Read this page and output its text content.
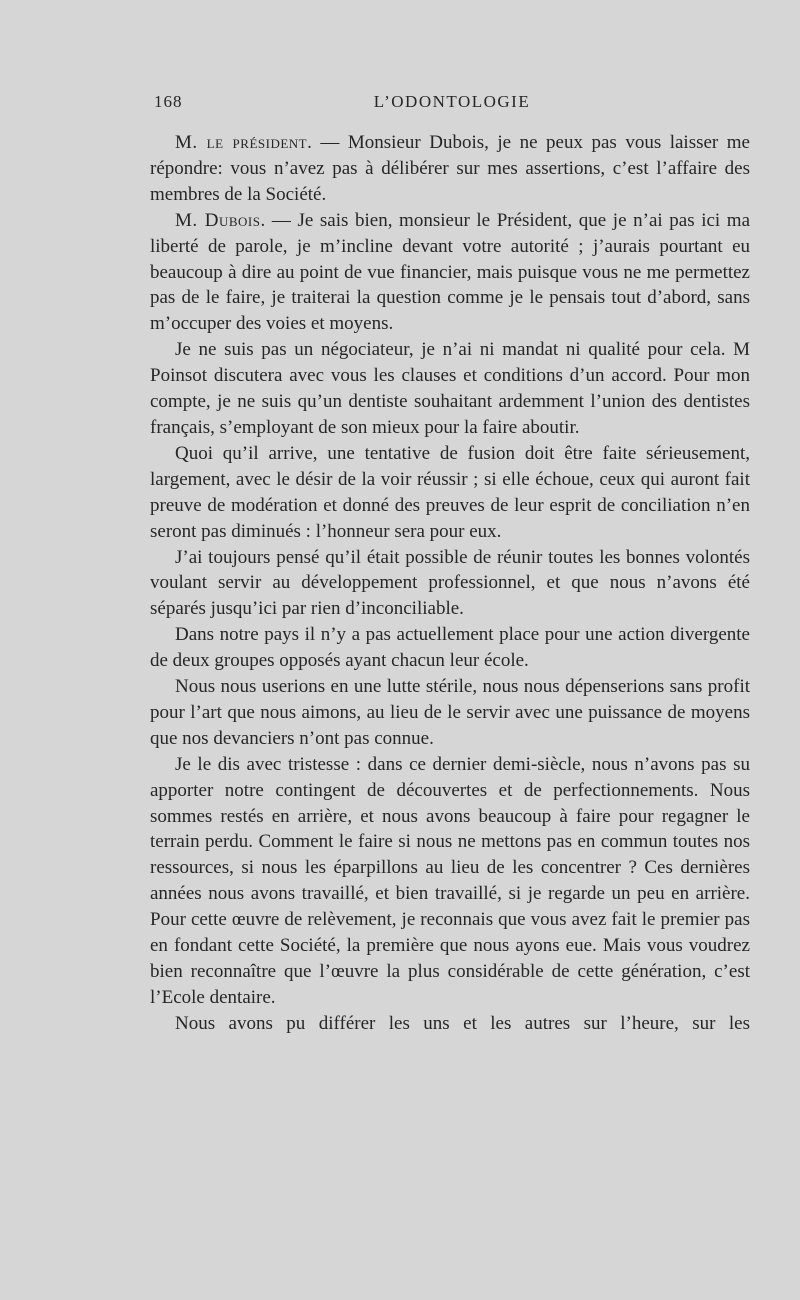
168	L’ODONTOLOGIE

M. le président. — Monsieur Dubois, je ne peux pas vous laisser me répondre: vous n’avez pas à délibérer sur mes assertions, c’est l’affaire des membres de la Société.

M. Dubois. — Je sais bien, monsieur le Président, que je n’ai pas ici ma liberté de parole, je m’incline devant votre autorité ; j’aurais pourtant eu beaucoup à dire au point de vue financier, mais puisque vous ne me permettez pas de le faire, je traiterai la question comme je le pensais tout d’abord, sans m’occuper des voies et moyens.

Je ne suis pas un négociateur, je n’ai ni mandat ni qualité pour cela. M Poinsot discutera avec vous les clauses et conditions d’un accord. Pour mon compte, je ne suis qu’un dentiste souhaitant ardemment l’union des dentistes français, s’employant de son mieux pour la faire aboutir.

Quoi qu’il arrive, une tentative de fusion doit être faite sérieusement, largement, avec le désir de la voir réussir ; si elle échoue, ceux qui auront fait preuve de modération et donné des preuves de leur esprit de conciliation n’en seront pas diminués : l’honneur sera pour eux.

J’ai toujours pensé qu’il était possible de réunir toutes les bonnes volontés voulant servir au développement professionnel, et que nous n’avons été séparés jusqu’ici par rien d’inconciliable.

Dans notre pays il n’y a pas actuellement place pour une action divergente de deux groupes opposés ayant chacun leur école.

Nous nous userions en une lutte stérile, nous nous dépenserions sans profit pour l’art que nous aimons, au lieu de le servir avec une puissance de moyens que nos devanciers n’ont pas connue.

Je le dis avec tristesse : dans ce dernier demi-siècle, nous n’avons pas su apporter notre contingent de découvertes et de perfectionnements. Nous sommes restés en arrière, et nous avons beaucoup à faire pour regagner le terrain perdu. Comment le faire si nous ne mettons pas en commun toutes nos ressources, si nous les éparpillons au lieu de les concentrer ? Ces dernières années nous avons travaillé, et bien travaillé, si je regarde un peu en arrière. Pour cette œuvre de relèvement, je reconnais que vous avez fait le premier pas en fondant cette Société, la première que nous ayons eue. Mais vous voudrez bien reconnaître que l’œuvre la plus considérable de cette génération, c’est l’Ecole dentaire.

Nous avons pu différer les uns et les autres sur l’heure, sur les
